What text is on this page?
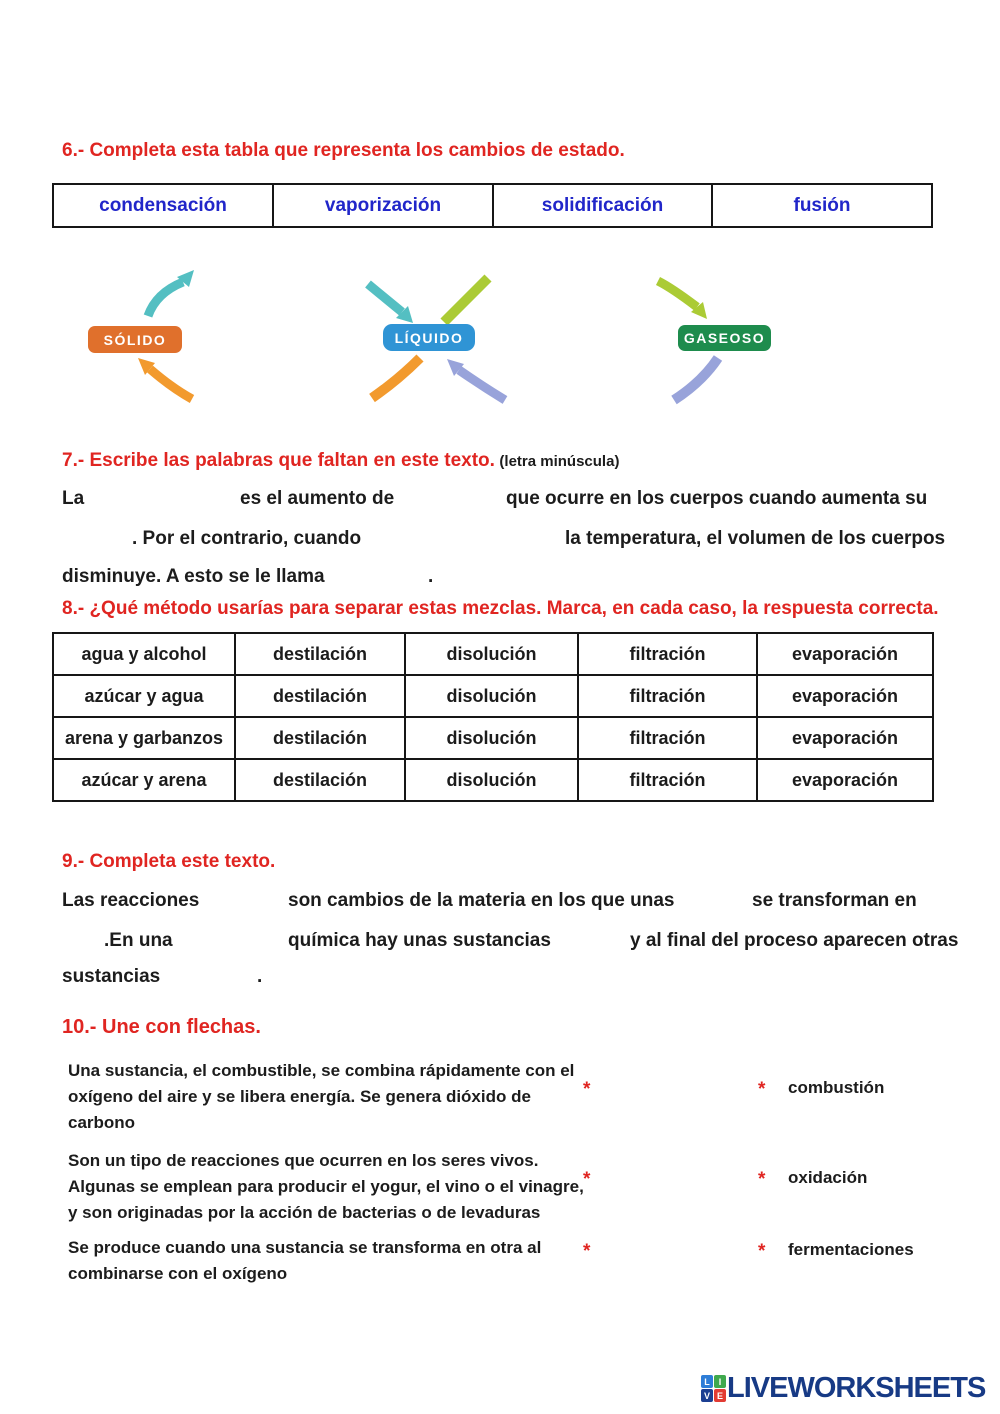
6.- Completa esta tabla que representa los cambios de estado.
condensación	vaporización	solidificación	fusión
SÓLIDO	LÍQUIDO	GASEOSO
7.- Escribe las palabras que faltan en este texto. (letra minúscula)
La	es el aumento de	que ocurre en los cuerpos cuando aumenta su
. Por el contrario, cuando	la temperatura, el volumen de los cuerpos
disminuye. A esto se le llama	.
8.- ¿Qué método usarías para separar estas mezclas. Marca, en cada caso, la respuesta correcta.
agua y alcohol	destilación	disolución	filtración	evaporación
azúcar y agua	destilación	disolución	filtración	evaporación
arena y garbanzos	destilación	disolución	filtración	evaporación
azúcar y arena	destilación	disolución	filtración	evaporación
9.- Completa este texto.
Las reacciones	son cambios de la materia en los que unas	se transforman en
.En una	química hay unas sustancias	y al final del proceso aparecen otras
sustancias	.
10.- Une con flechas.
Una sustancia, el combustible, se combina rápidamente con el
oxígeno del aire y se libera energía. Se genera dióxido de
carbono
*	* combustión
Son un tipo de reacciones que ocurren en los seres vivos.
Algunas se emplean para producir el yogur, el vino o el vinagre,
y son originadas por la acción de bacterias o de levaduras
*	* oxidación
Se produce cuando una sustancia se transforma en otra al
combinarse con el oxígeno
*	* fermentaciones
L I
V E LIVEWORKSHEETS
